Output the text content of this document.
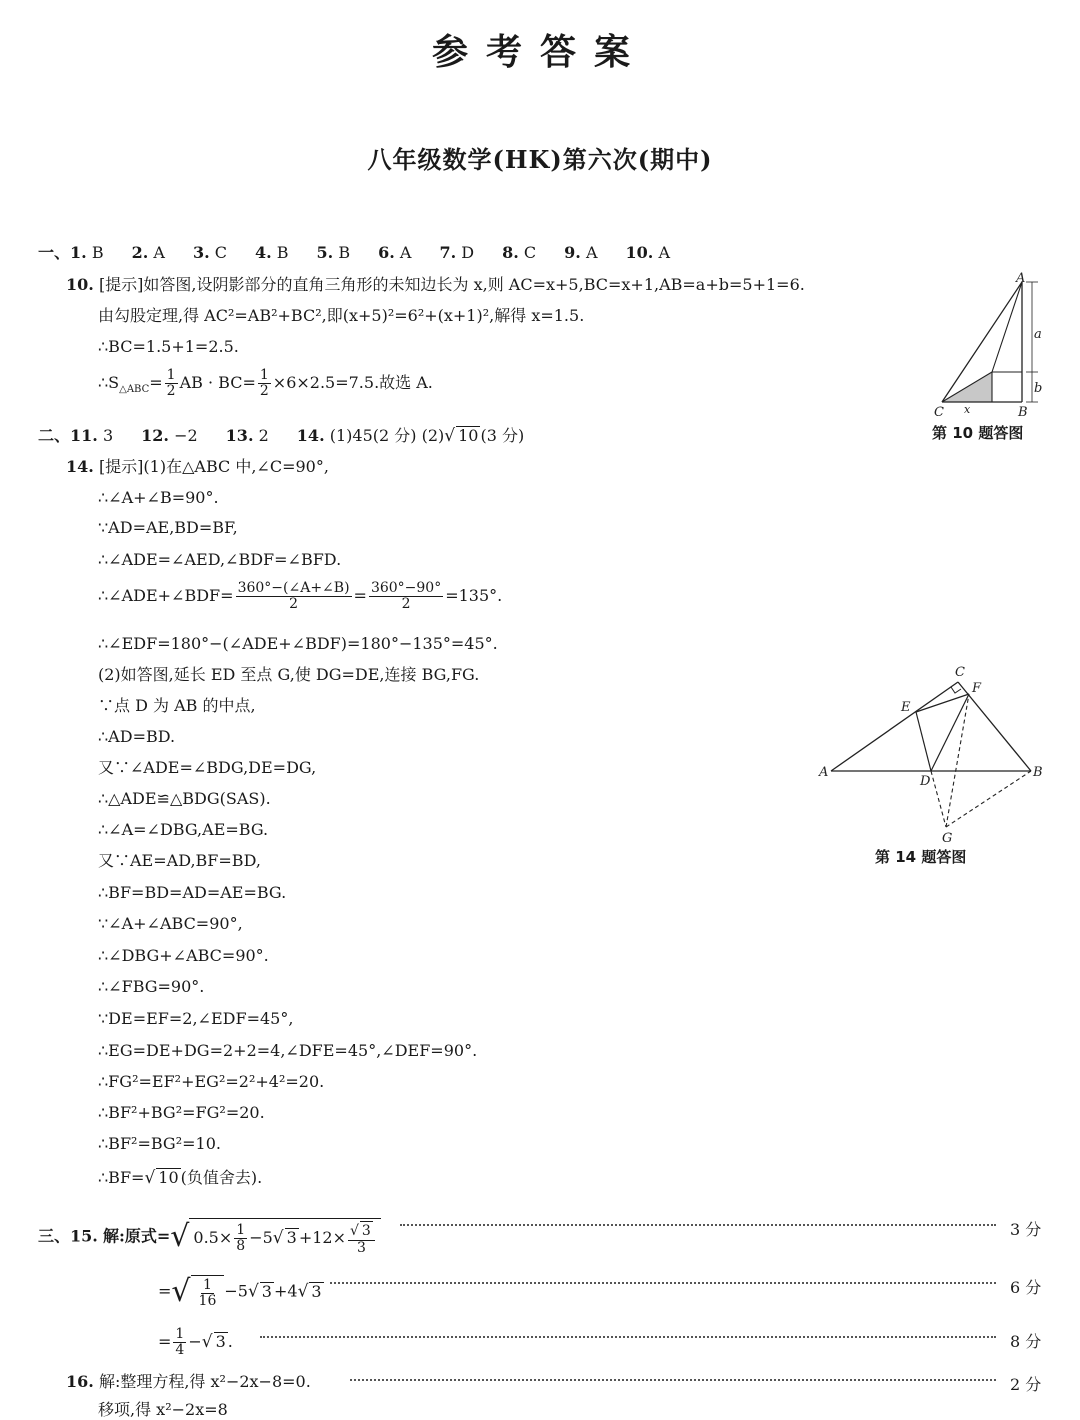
参考答案
八年级数学(HK)第六次(期中)
一、1. B 2. A 3. C 4. B 5. B 6. A 7. D 8. C 9. A 10. A
10. [提示]如答图,设阴影部分的直角三角形的未知边长为 x,则 AC=x+5,BC=x+1,AB=a+b=5+1=6.
由勾股定理,得 AC²=AB²+BC²,即(x+5)²=6²+(x+1)²,解得 x=1.5.
∴BC=1.5+1=2.5.
$\therefore S_{\triangle ABC}= \frac{1}{2}$ AB · $BC= \frac{1}{2} \times 6\times 2.5=7.5$.故选 A.
A
C	B
a
b
x
第 10 题答图
二、11. 3 12. −2 13. 2 14. (1)45(2 分) (2)√ 10 (3 分)
14. [提示](1)在△ABC 中,∠C=90°,
∴∠A+∠B=90°.
∵AD=AE,BD=BF,
∴∠ADE=∠AED,∠BDF=∠BFD.
∴∠ADE+∠BDF= $\frac{360^\circ-(\angle A+\angle B)}{2} = \frac{360^\circ-90^\circ}{2} =135^\circ$.
∴∠EDF=180°−(∠ADE+∠BDF)=180°−135°=45°.
(2)如答图,延长 ED 至点 G,使 DG=DE,连接 BG,FG.
∵点 D 为 AB 的中点,
∴AD=BD.
又∵∠ADE=∠BDG,DE=DG,
∴△ADE≌△BDG(SAS).
∴∠A=∠DBG,AE=BG.
又∵AE=AD,BF=BD,
∴BF=BD=AD=AE=BG.
∵∠A+∠ABC=90°,
∴∠DBG+∠ABC=90°.
∴∠FBG=90°.
∵DE=EF=2,∠EDF=45°,
∴EG=DE+DG=2+2=4,∠DFE=45°,∠DEF=90°.
∴FG²=EF²+EG²=2²+4²=20.
∴BF²+BG²=FG²=20.
∴BF²=BG²=10.
∴BF=√ 10 (负值舍去).
A	B
C
D
E
F
G
第 14 题答图
三、15. 解:原式=√ $0.5\times \frac{1}{8} -5√$ $3 +12\times \frac{√ 3}{3}$	3 分
=√ $\frac{1}{16} -5√$ 3 +4√ 3	6 分
= $\frac{1}{4}$ −√ 3 .	8 分
16. 解:整理方程,得 x²−2x−8=0.	2 分
移项,得 x²−2x=8
